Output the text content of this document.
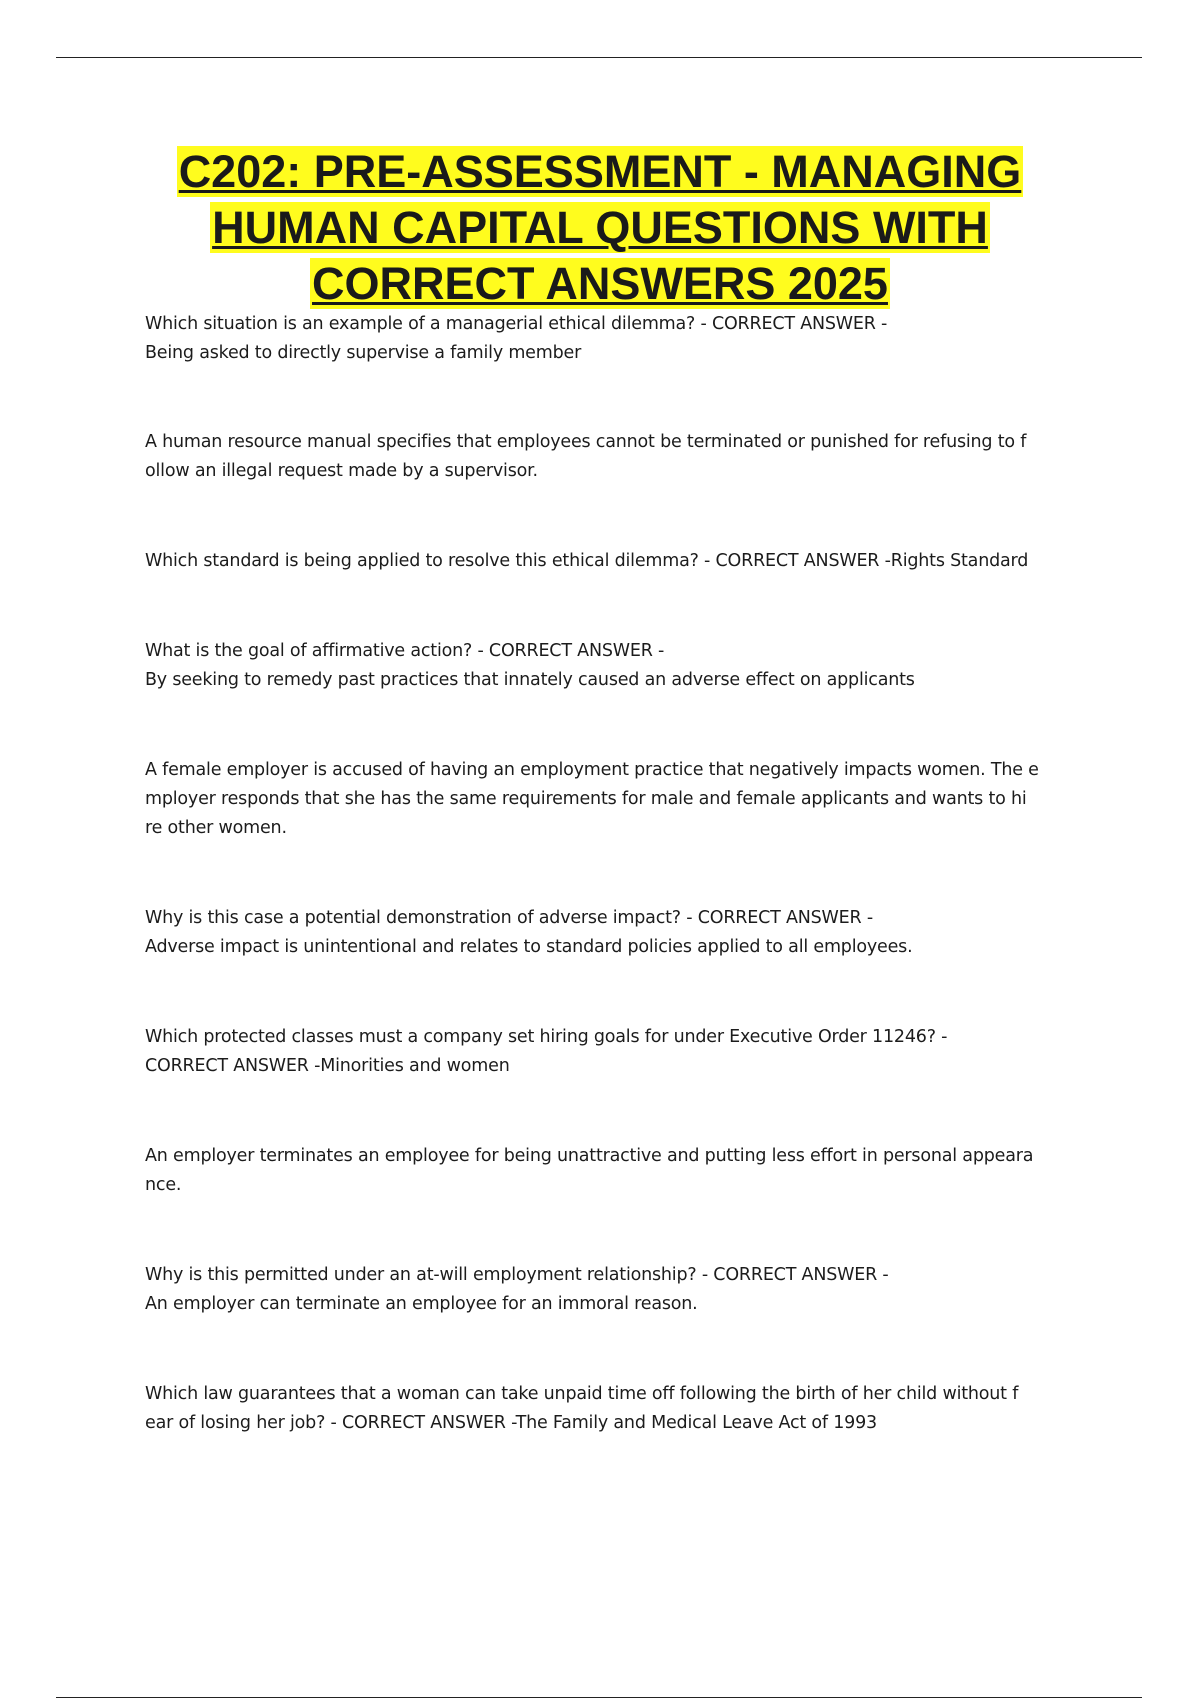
C202: PRE-ASSESSMENT - MANAGING
HUMAN CAPITAL QUESTIONS WITH
CORRECT ANSWERS 2025

Which situation is an example of a managerial ethical dilemma? - CORRECT ANSWER -
Being asked to directly supervise a family member

A human resource manual specifies that employees cannot be terminated or punished for refusing to f
ollow an illegal request made by a supervisor.

Which standard is being applied to resolve this ethical dilemma? - CORRECT ANSWER -Rights Standard

What is the goal of affirmative action? - CORRECT ANSWER -
By seeking to remedy past practices that innately caused an adverse effect on applicants

A female employer is accused of having an employment practice that negatively impacts women. The e
mployer responds that she has the same requirements for male and female applicants and wants to hi
re other women.

Why is this case a potential demonstration of adverse impact? - CORRECT ANSWER -
Adverse impact is unintentional and relates to standard policies applied to all employees.

Which protected classes must a company set hiring goals for under Executive Order 11246? -
CORRECT ANSWER -Minorities and women

An employer terminates an employee for being unattractive and putting less effort in personal appeara
nce.

Why is this permitted under an at-will employment relationship? - CORRECT ANSWER -
An employer can terminate an employee for an immoral reason.

Which law guarantees that a woman can take unpaid time off following the birth of her child without f
ear of losing her job? - CORRECT ANSWER -The Family and Medical Leave Act of 1993
